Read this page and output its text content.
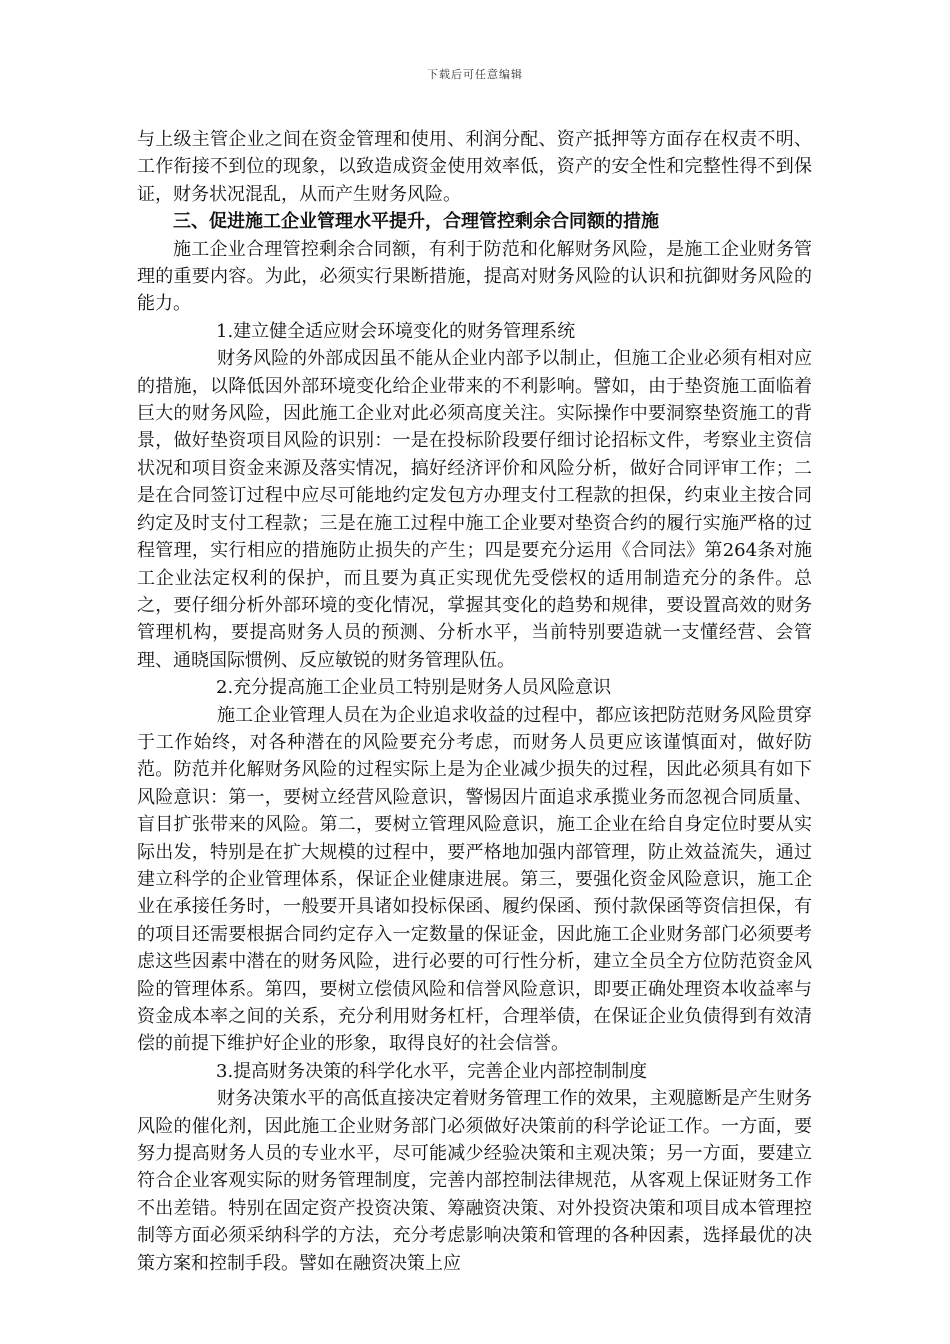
下载后可任意编辑

与上级主管企业之间在资金管理和使用、利润分配、资产抵押等方面存在权责不明、工作衔接不到位的现象，以致造成资金使用效率低，资产的安全性和完整性得不到保证，财务状况混乱，从而产生财务风险。

三、促进施工企业管理水平提升，合理管控剩余合同额的措施

施工企业合理管控剩余合同额，有利于防范和化解财务风险，是施工企业财务管理的重要内容。为此，必须实行果断措施，提高对财务风险的认识和抗御财务风险的能力。

1.建立健全适应财会环境变化的财务管理系统

财务风险的外部成因虽不能从企业内部予以制止，但施工企业必须有相对应的措施，以降低因外部环境变化给企业带来的不利影响。譬如，由于垫资施工面临着巨大的财务风险，因此施工企业对此必须高度关注。实际操作中要洞察垫资施工的背景，做好垫资项目风险的识别：一是在投标阶段要仔细讨论招标文件，考察业主资信状况和项目资金来源及落实情况，搞好经济评价和风险分析，做好合同评审工作；二是在合同签订过程中应尽可能地约定发包方办理支付工程款的担保，约束业主按合同约定及时支付工程款；三是在施工过程中施工企业要对垫资合约的履行实施严格的过程管理，实行相应的措施防止损失的产生；四是要充分运用《合同法》第264条对施工企业法定权利的保护，而且要为真正实现优先受偿权的适用制造充分的条件。总之，要仔细分析外部环境的变化情况，掌握其变化的趋势和规律，要设置高效的财务管理机构，要提高财务人员的预测、分析水平，当前特别要造就一支懂经营、会管理、通晓国际惯例、反应敏锐的财务管理队伍。

2.充分提高施工企业员工特别是财务人员风险意识

施工企业管理人员在为企业追求收益的过程中，都应该把防范财务风险贯穿于工作始终，对各种潜在的风险要充分考虑，而财务人员更应该谨慎面对，做好防范。防范并化解财务风险的过程实际上是为企业减少损失的过程，因此必须具有如下风险意识：第一，要树立经营风险意识，警惕因片面追求承揽业务而忽视合同质量、盲目扩张带来的风险。第二，要树立管理风险意识，施工企业在给自身定位时要从实际出发，特别是在扩大规模的过程中，要严格地加强内部管理，防止效益流失，通过建立科学的企业管理体系，保证企业健康进展。第三，要强化资金风险意识，施工企业在承接任务时，一般要开具诸如投标保函、履约保函、预付款保函等资信担保，有的项目还需要根据合同约定存入一定数量的保证金，因此施工企业财务部门必须要考虑这些因素中潜在的财务风险，进行必要的可行性分析，建立全员全方位防范资金风险的管理体系。第四，要树立偿债风险和信誉风险意识，即要正确处理资本收益率与资金成本率之间的关系，充分利用财务杠杆，合理举债，在保证企业负债得到有效清偿的前提下维护好企业的形象，取得良好的社会信誉。

3.提高财务决策的科学化水平，完善企业内部控制制度

财务决策水平的高低直接决定着财务管理工作的效果，主观臆断是产生财务风险的催化剂，因此施工企业财务部门必须做好决策前的科学论证工作。一方面，要努力提高财务人员的专业水平，尽可能减少经验决策和主观决策；另一方面，要建立符合企业客观实际的财务管理制度，完善内部控制法律规范，从客观上保证财务工作不出差错。特别在固定资产投资决策、筹融资决策、对外投资决策和项目成本管理控制等方面必须采纳科学的方法，充分考虑影响决策和管理的各种因素，选择最优的决策方案和控制手段。譬如在融资决策上应
